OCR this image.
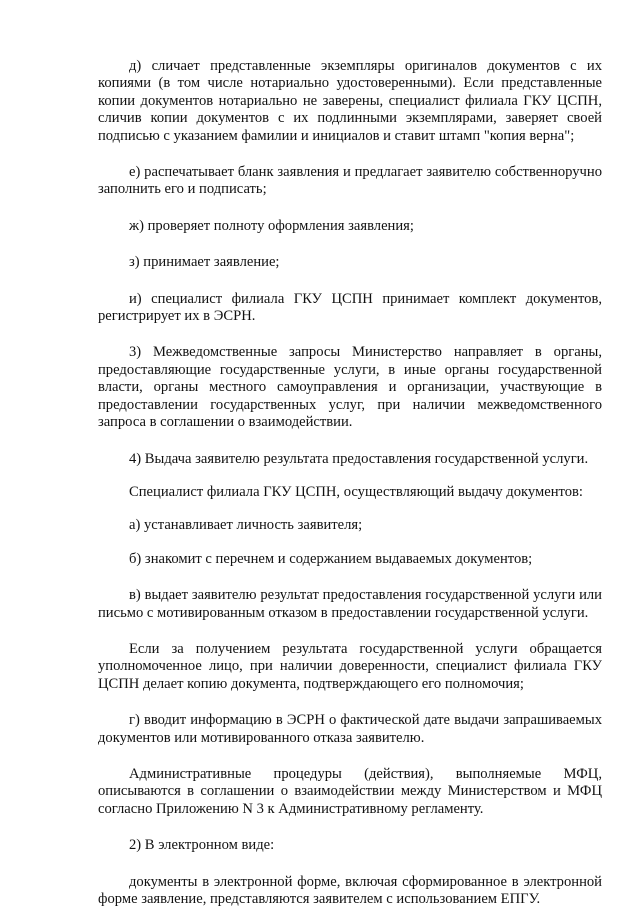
д) сличает представленные экземпляры оригиналов документов с их копиями (в том числе нотариально удостоверенными). Если представленные копии документов нотариально не заверены, специалист филиала ГКУ ЦСПН, сличив копии документов с их подлинными экземплярами, заверяет своей подписью с указанием фамилии и инициалов и ставит штамп "копия верна";

е) распечатывает бланк заявления и предлагает заявителю собственноручно заполнить его и подписать;

ж) проверяет полноту оформления заявления;

з) принимает заявление;

и) специалист филиала ГКУ ЦСПН принимает комплект документов, регистрирует их в ЭСРН.

3) Межведомственные запросы Министерство направляет в органы, предоставляющие государственные услуги, в иные органы государственной власти, органы местного самоуправления и организации, участвующие в предоставлении государственных услуг, при наличии межведомственного запроса в соглашении о взаимодействии.

4) Выдача заявителю результата предоставления государственной услуги.

Специалист филиала ГКУ ЦСПН, осуществляющий выдачу документов:

а) устанавливает личность заявителя;

б) знакомит с перечнем и содержанием выдаваемых документов;

в) выдает заявителю результат предоставления государственной услуги или письмо с мотивированным отказом в предоставлении государственной услуги.

Если за получением результата государственной услуги обращается уполномоченное лицо, при наличии доверенности, специалист филиала ГКУ ЦСПН делает копию документа, подтверждающего его полномочия;

г) вводит информацию в ЭСРН о фактической дате выдачи запрашиваемых документов или мотивированного отказа заявителю.

Административные процедуры (действия), выполняемые МФЦ, описываются в соглашении о взаимодействии между Министерством и МФЦ согласно Приложению N 3 к Административному регламенту.

2) В электронном виде:

документы в электронной форме, включая сформированное в электронной форме заявление, представляются заявителем с использованием ЕПГУ.
